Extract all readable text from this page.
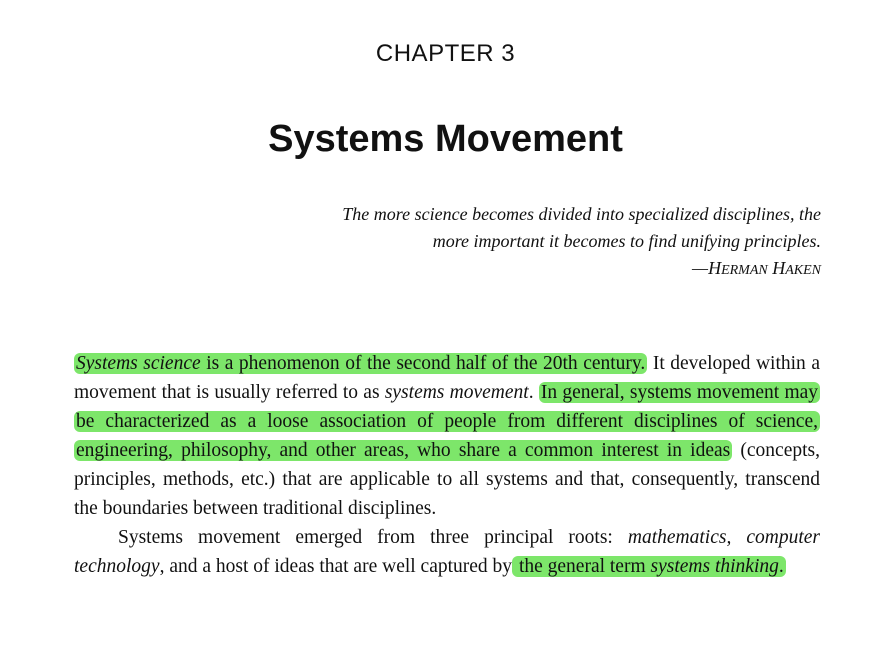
CHAPTER 3
Systems Movement
The more science becomes divided into specialized disciplines, the
more important it becomes to find unifying principles.
—HERMAN HAKEN

Systems science is a phenomenon of the second half of the 20th century. It developed within a movement that is usually referred to as systems movement. In general, systems movement may be characterized as a loose association of people from different disciplines of science, engineering, philosophy, and other areas, who share a common interest in ideas (concepts, principles, methods, etc.) that are applicable to all systems and that, consequently, transcend the boundaries between traditional disciplines.

Systems movement emerged from three principal roots: mathematics, computer technology, and a host of ideas that are well captured by the general term systems thinking.
